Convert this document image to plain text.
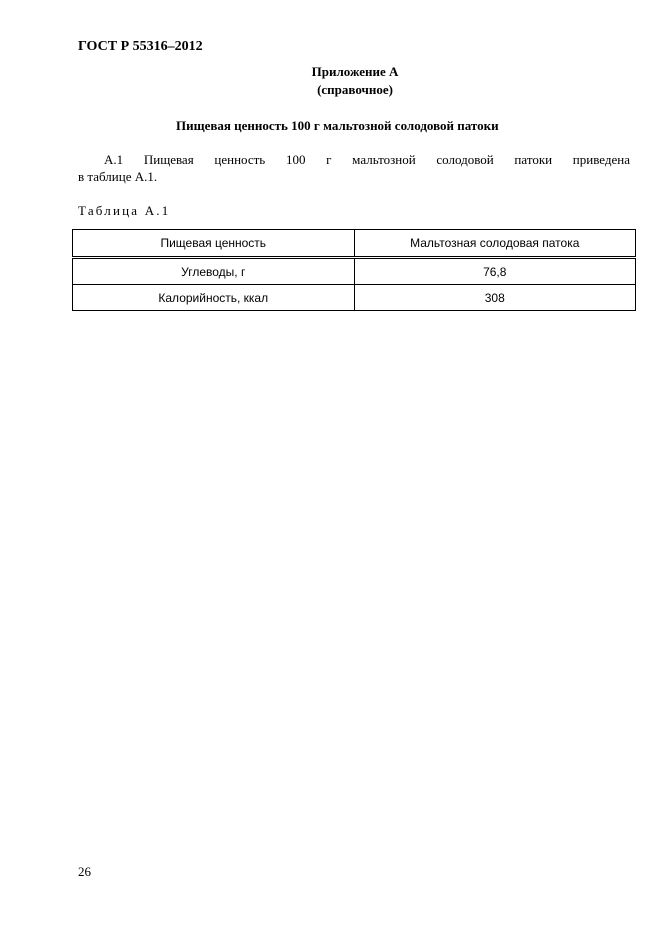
ГОСТ Р 55316–2012
Приложение А
(справочное)
Пищевая ценность 100 г мальтозной солодовой патоки
А.1 Пищевая ценность 100 г мальтозной солодовой патоки приведена
в таблице А.1.
Таблица А.1
Пищевая ценность	Мальтозная солодовая патока
Углеводы, г	76,8
Калорийность, ккал	308
26
